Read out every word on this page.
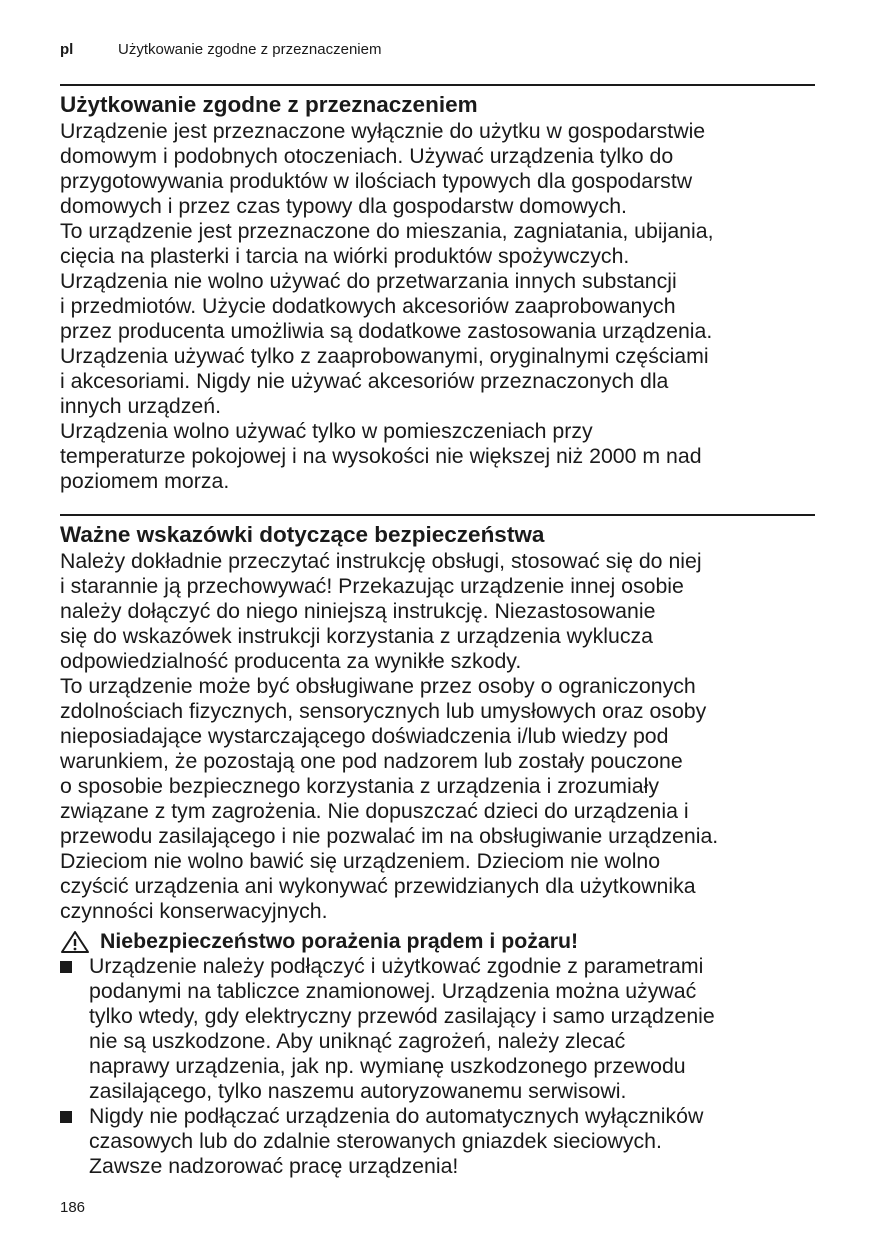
pl	Użytkowanie zgodne z przeznaczeniem
Użytkowanie zgodne z przeznaczeniem

Urządzenie jest przeznaczone wyłącznie do użytku w gospodarstwie
domowym i podobnych otoczeniach. Używać urządzenia tylko do
przygotowywania produktów w ilościach typowych dla gospodarstw
domowych i przez czas typowy dla gospodarstw domowych.
To urządzenie jest przeznaczone do mieszania, zagniatania, ubijania,
cięcia na plasterki i tarcia na wiórki produktów spożywczych.
Urządzenia nie wolno używać do przetwarzania innych substancji
i przedmiotów. Użycie dodatkowych akcesoriów zaaprobowanych
przez producenta umożliwia są dodatkowe zastosowania urządzenia.
Urządzenia używać tylko z zaaprobowanymi, oryginalnymi częściami
i akcesoriami. Nigdy nie używać akcesoriów przeznaczonych dla
innych urządzeń.
Urządzenia wolno używać tylko w pomieszczeniach przy
temperaturze pokojowej i na wysokości nie większej niż 2000 m nad
poziomem morza.

Ważne wskazówki dotyczące bezpieczeństwa

Należy dokładnie przeczytać instrukcję obsługi, stosować się do niej
i starannie ją przechowywać! Przekazując urządzenie innej osobie
należy dołączyć do niego niniejszą instrukcję. Niezastosowanie
się do wskazówek instrukcji korzystania z urządzenia wyklucza
odpowiedzialność producenta za wynikłe szkody.
To urządzenie może być obsługiwane przez osoby o ograniczonych
zdolnościach fizycznych, sensorycznych lub umysłowych oraz osoby
nieposiadające wystarczającego doświadczenia i/lub wiedzy pod
warunkiem, że pozostają one pod nadzorem lub zostały pouczone
o sposobie bezpiecznego korzystania z urządzenia i zrozumiały
związane z tym zagrożenia. Nie dopuszczać dzieci do urządzenia i
przewodu zasilającego i nie pozwalać im na obsługiwanie urządzenia.
Dzieciom nie wolno bawić się urządzeniem. Dzieciom nie wolno
czyścić urządzenia ani wykonywać przewidzianych dla użytkownika
czynności konserwacyjnych.

Niebezpieczeństwo porażenia prądem i pożaru!
Urządzenie należy podłączyć i użytkować zgodnie z parametrami
podanymi na tabliczce znamionowej. Urządzenia można używać
tylko wtedy, gdy elektryczny przewód zasilający i samo urządzenie
nie są uszkodzone. Aby uniknąć zagrożeń, należy zlecać
naprawy urządzenia, jak np. wymianę uszkodzonego przewodu
zasilającego, tylko naszemu autoryzowanemu serwisowi.
Nigdy nie podłączać urządzenia do automatycznych wyłączników
czasowych lub do zdalnie sterowanych gniazdek sieciowych.
Zawsze nadzorować pracę urządzenia!
186
